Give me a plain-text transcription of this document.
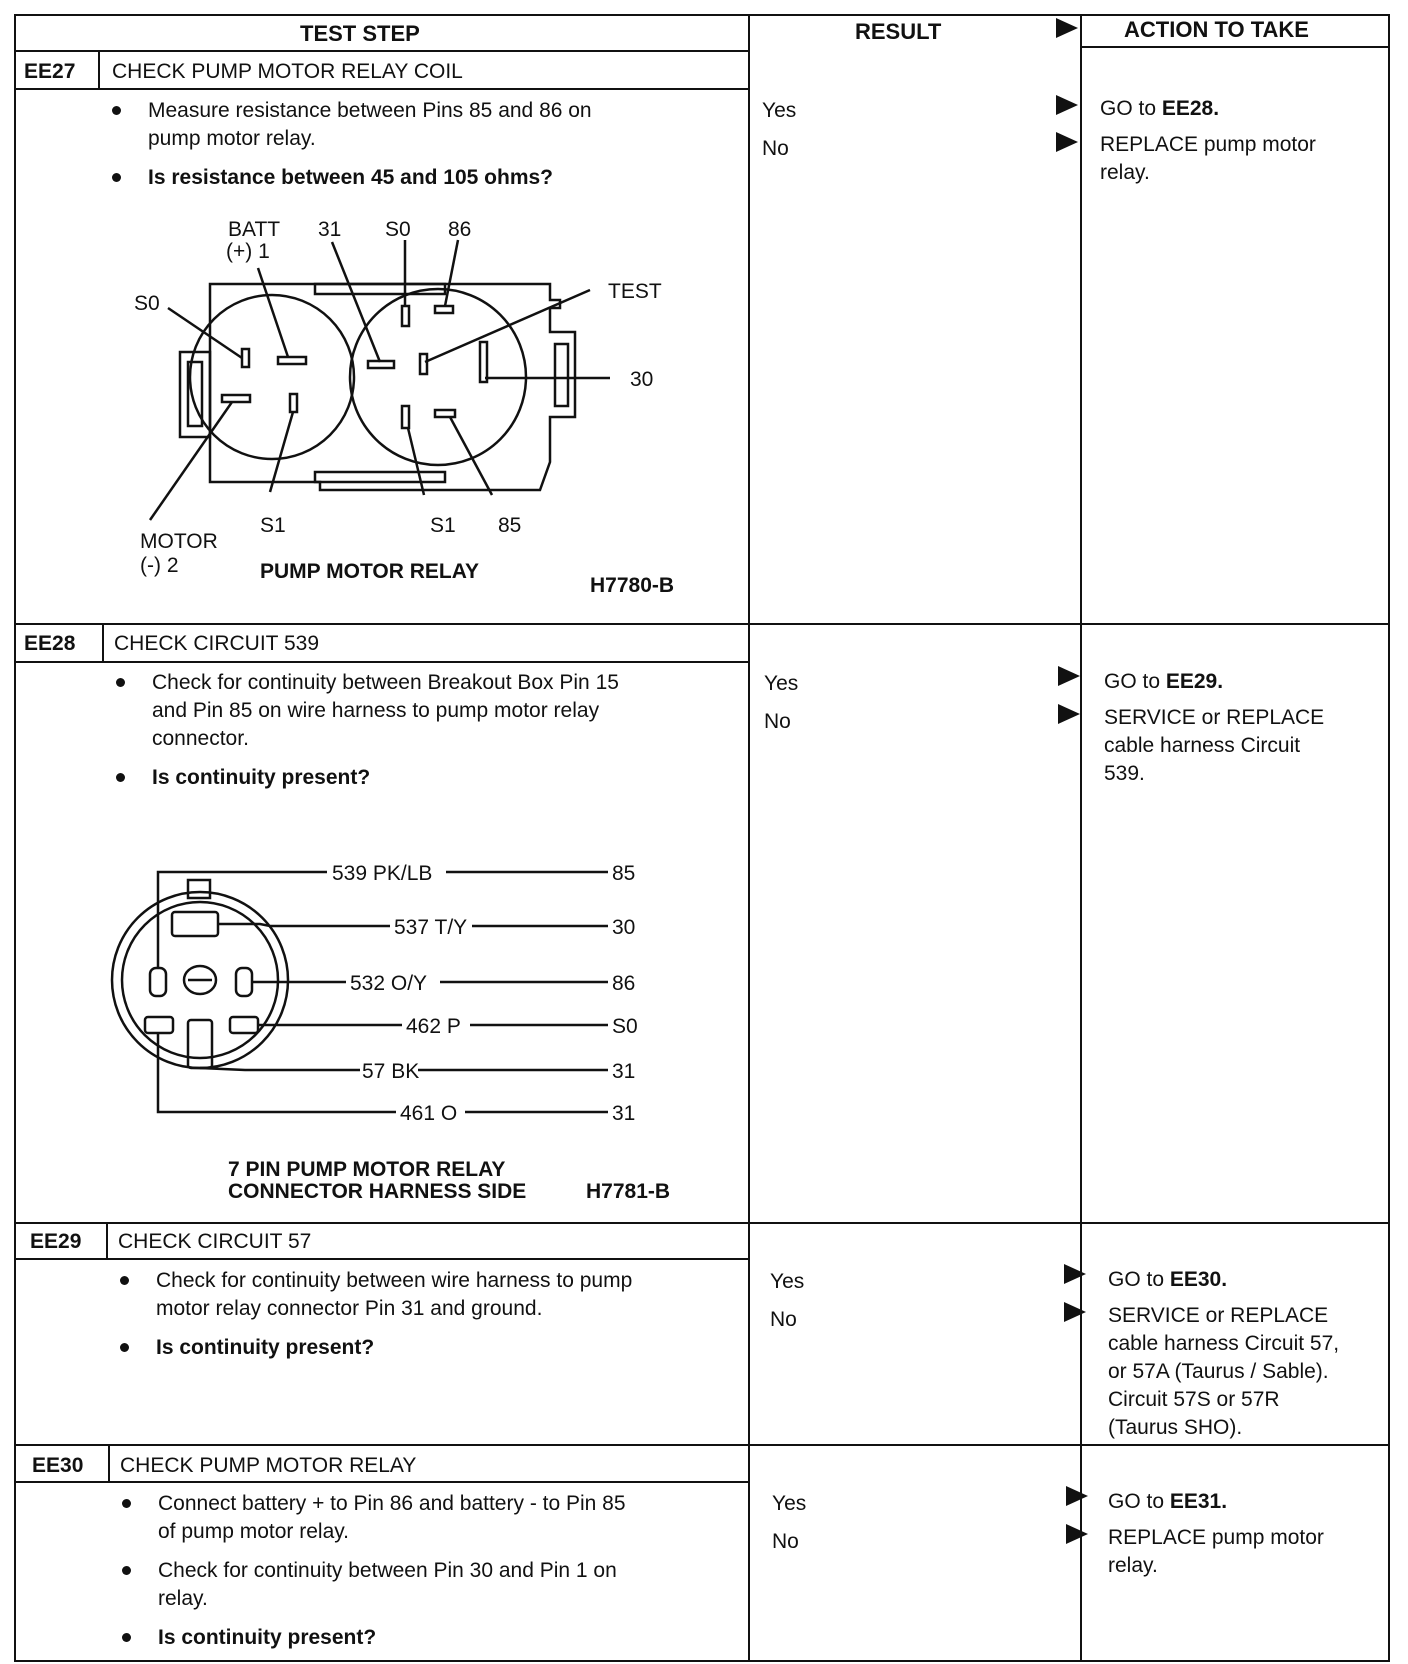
TEST STEP	RESULT	ACTION TO TAKE
EE27 CHECK PUMP MOTOR RELAY COIL
Measure resistance between Pins 85 and 86 on
pump motor relay.
Is resistance between 45 and 105 ohms?
Yes	GO to EE28.
No	REPLACE pump motor
relay.
BATT
(+) 1
31 S0 86
TEST
S0
30
S1	S1 85
MOTOR
(-) 2	PUMP MOTOR RELAY
H7780-B
EE28 CHECK CIRCUIT 539
Check for continuity between Breakout Box Pin 15
and Pin 85 on wire harness to pump motor relay
connector.
Is continuity present?
Yes	GO to EE29.
No	SERVICE or REPLACE
cable harness Circuit
539.
539 PK/LB	85
537 T/Y	30
532 O/Y	86
462 P	S0
57 BK	31
461 O	31
7 PIN PUMP MOTOR RELAY
CONNECTOR HARNESS SIDE	H7781-B
EE29 CHECK CIRCUIT 57
Check for continuity between wire harness to pump
motor relay connector Pin 31 and ground.
Is continuity present?
Yes	GO to EE30.
No	SERVICE or REPLACE
cable harness Circuit 57,
or 57A (Taurus / Sable).
Circuit 57S or 57R
(Taurus SHO).
EE30 CHECK PUMP MOTOR RELAY
Connect battery + to Pin 86 and battery - to Pin 85
of pump motor relay.
Check for continuity between Pin 30 and Pin 1 on
relay.
Is continuity present?
Yes	GO to EE31.
No	REPLACE pump motor
relay.
